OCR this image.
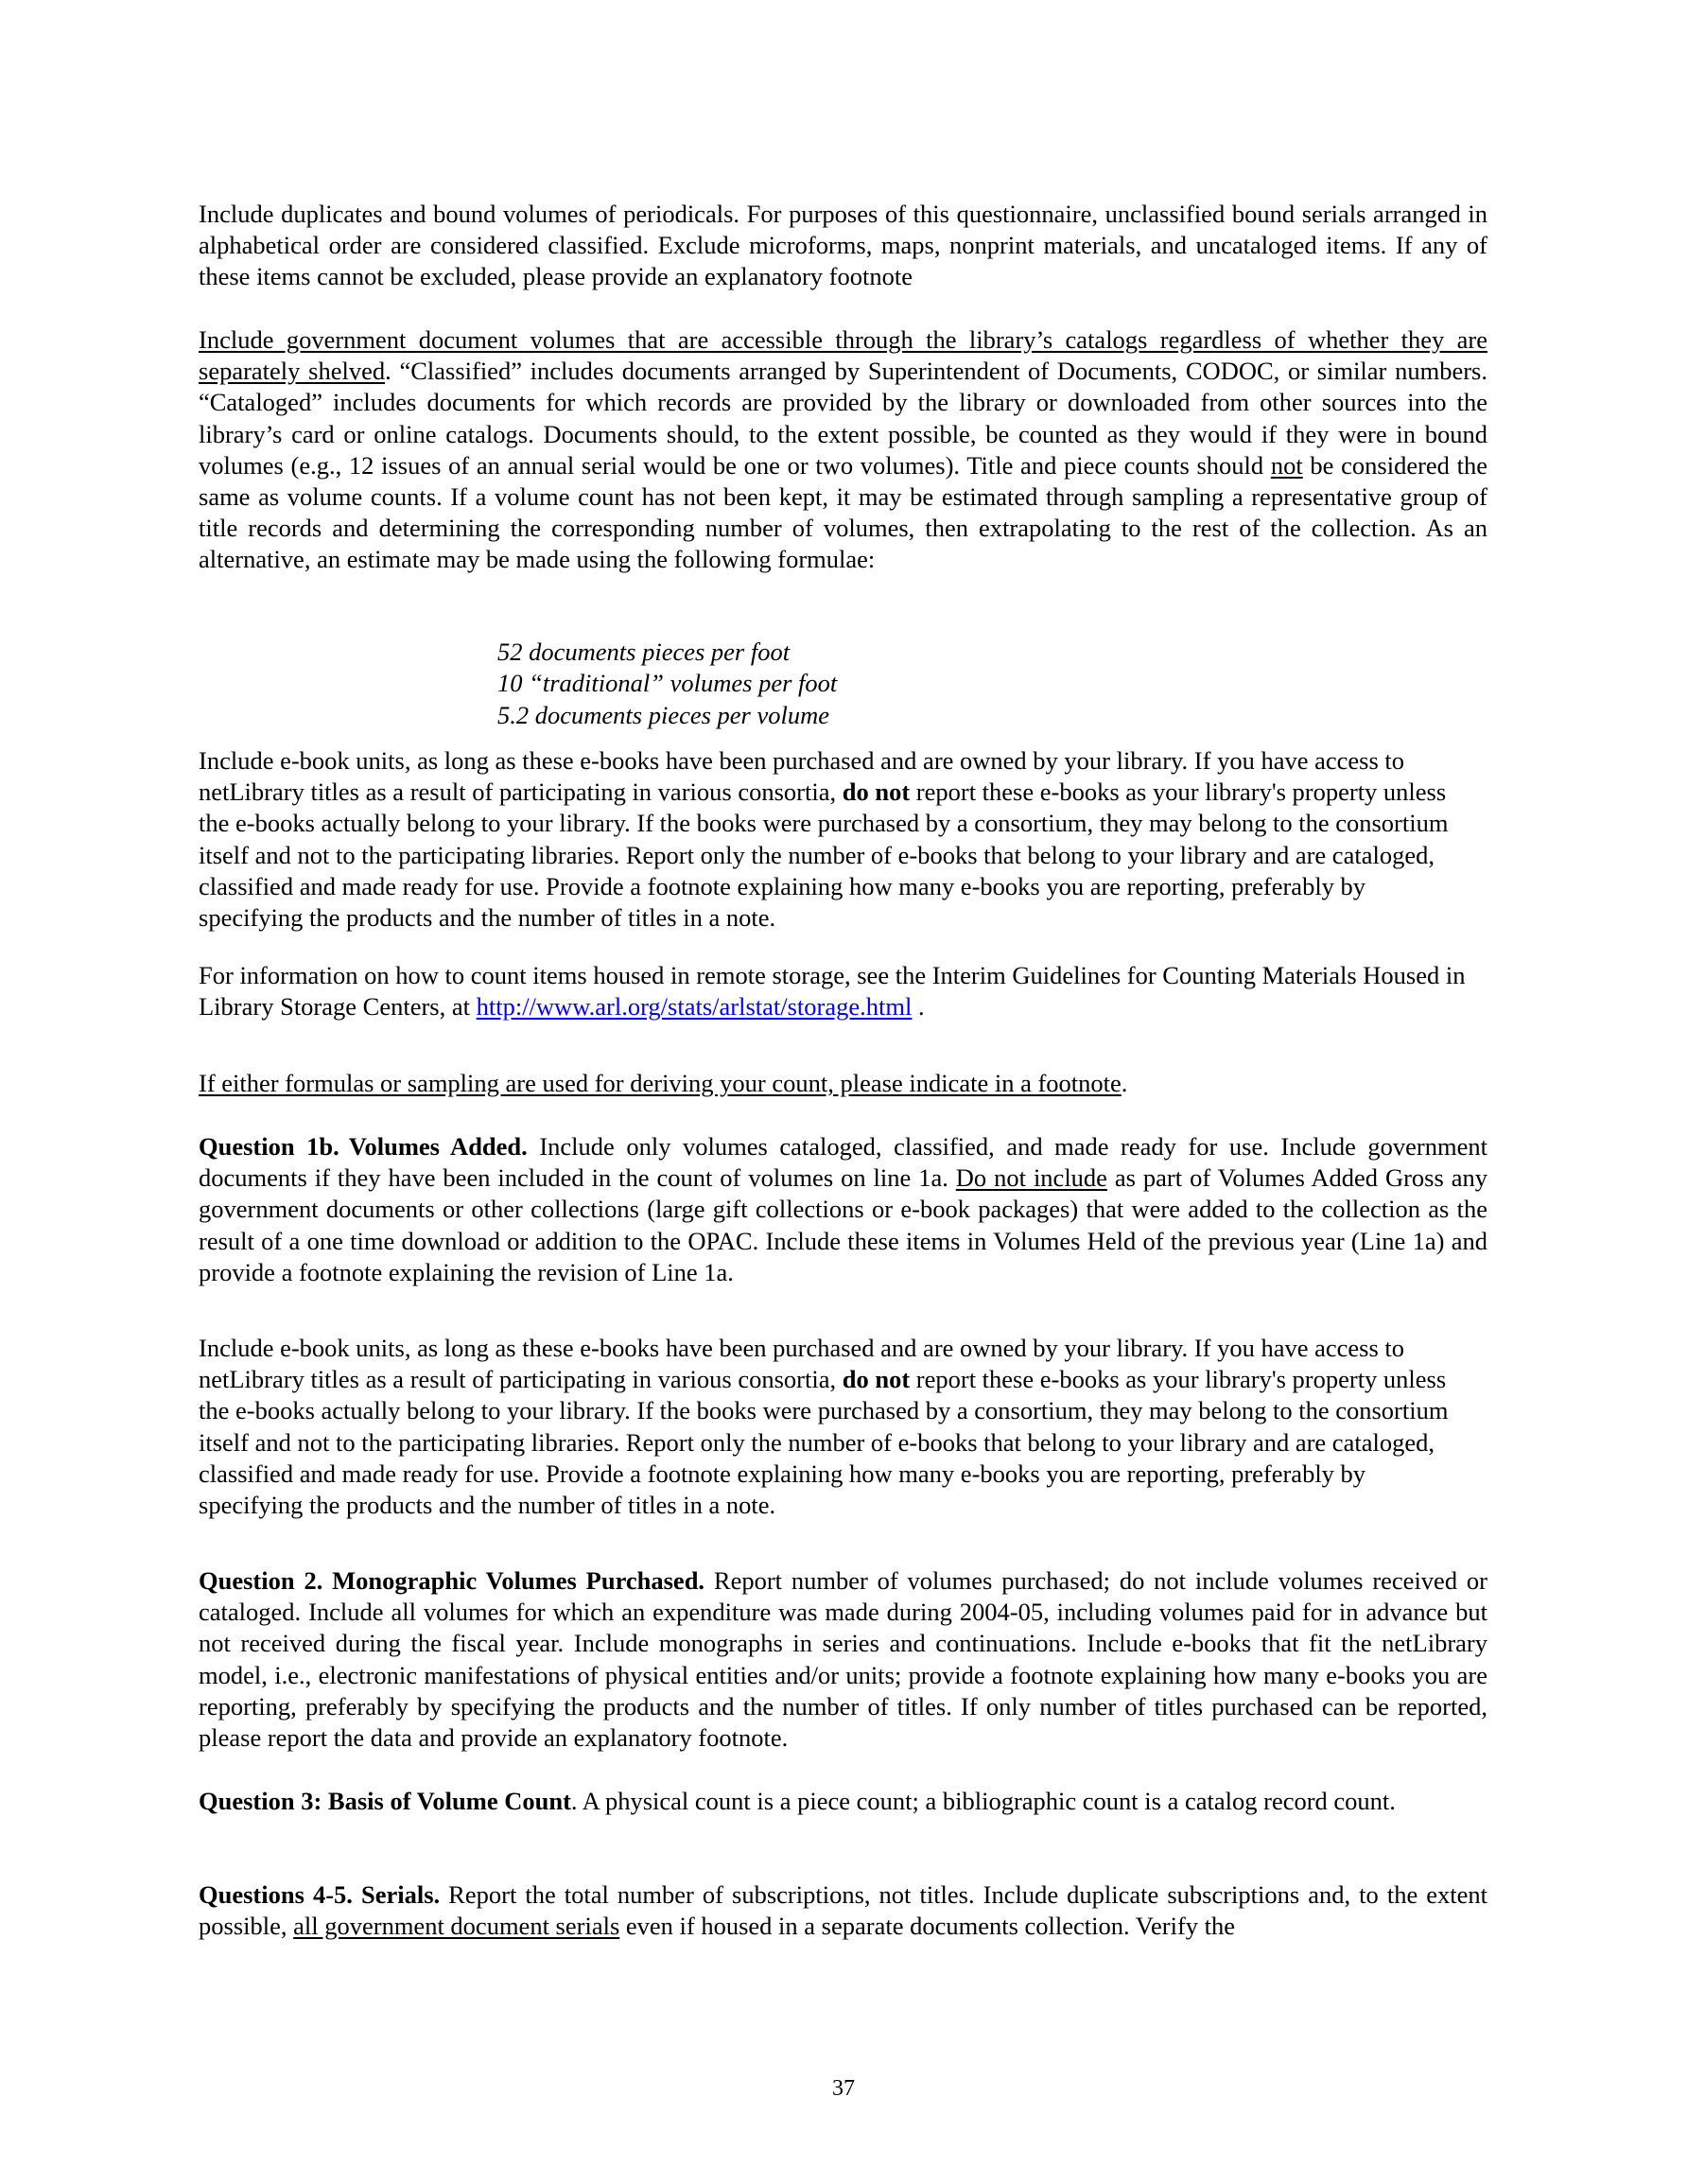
Include duplicates and bound volumes of periodicals. For purposes of this questionnaire, unclassified bound serials arranged in alphabetical order are considered classified. Exclude microforms, maps, nonprint materials, and uncataloged items. If any of these items cannot be excluded, please provide an explanatory footnote

Include government document volumes that are accessible through the library’s catalogs regardless of whether they are separately shelved. “Classified” includes documents arranged by Superintendent of Documents, CODOC, or similar numbers. “Cataloged” includes documents for which records are provided by the library or downloaded from other sources into the library’s card or online catalogs. Documents should, to the extent possible, be counted as they would if they were in bound volumes (e.g., 12 issues of an annual serial would be one or two volumes). Title and piece counts should not be considered the same as volume counts. If a volume count has not been kept, it may be estimated through sampling a representative group of title records and determining the corresponding number of volumes, then extrapolating to the rest of the collection. As an alternative, an estimate may be made using the following formulae:

52 documents pieces per foot
10 “traditional” volumes per foot
5.2 documents pieces per volume

Include e-book units, as long as these e-books have been purchased and are owned by your library. If you have access to netLibrary titles as a result of participating in various consortia, do not report these e-books as your library's property unless the e-books actually belong to your library. If the books were purchased by a consortium, they may belong to the consortium itself and not to the participating libraries. Report only the number of e-books that belong to your library and are cataloged, classified and made ready for use. Provide a footnote explaining how many e-books you are reporting, preferably by specifying the products and the number of titles in a note.

For information on how to count items housed in remote storage, see the Interim Guidelines for Counting Materials Housed in Library Storage Centers, at http://www.arl.org/stats/arlstat/storage.html .

If either formulas or sampling are used for deriving your count, please indicate in a footnote.

Question 1b. Volumes Added. Include only volumes cataloged, classified, and made ready for use. Include government documents if they have been included in the count of volumes on line 1a. Do not include as part of Volumes Added Gross any government documents or other collections (large gift collections or e-book packages) that were added to the collection as the result of a one time download or addition to the OPAC. Include these items in Volumes Held of the previous year (Line 1a) and provide a footnote explaining the revision of Line 1a.

Include e-book units, as long as these e-books have been purchased and are owned by your library. If you have access to netLibrary titles as a result of participating in various consortia, do not report these e-books as your library's property unless the e-books actually belong to your library. If the books were purchased by a consortium, they may belong to the consortium itself and not to the participating libraries. Report only the number of e-books that belong to your library and are cataloged, classified and made ready for use. Provide a footnote explaining how many e-books you are reporting, preferably by specifying the products and the number of titles in a note.

Question 2. Monographic Volumes Purchased. Report number of volumes purchased; do not include volumes received or cataloged. Include all volumes for which an expenditure was made during 2004-05, including volumes paid for in advance but not received during the fiscal year. Include monographs in series and continuations. Include e-books that fit the netLibrary model, i.e., electronic manifestations of physical entities and/or units; provide a footnote explaining how many e-books you are reporting, preferably by specifying the products and the number of titles. If only number of titles purchased can be reported, please report the data and provide an explanatory footnote.

Question 3: Basis of Volume Count. A physical count is a piece count; a bibliographic count is a catalog record count.

Questions 4-5. Serials. Report the total number of subscriptions, not titles. Include duplicate subscriptions and, to the extent possible, all government document serials even if housed in a separate documents collection. Verify the

37
